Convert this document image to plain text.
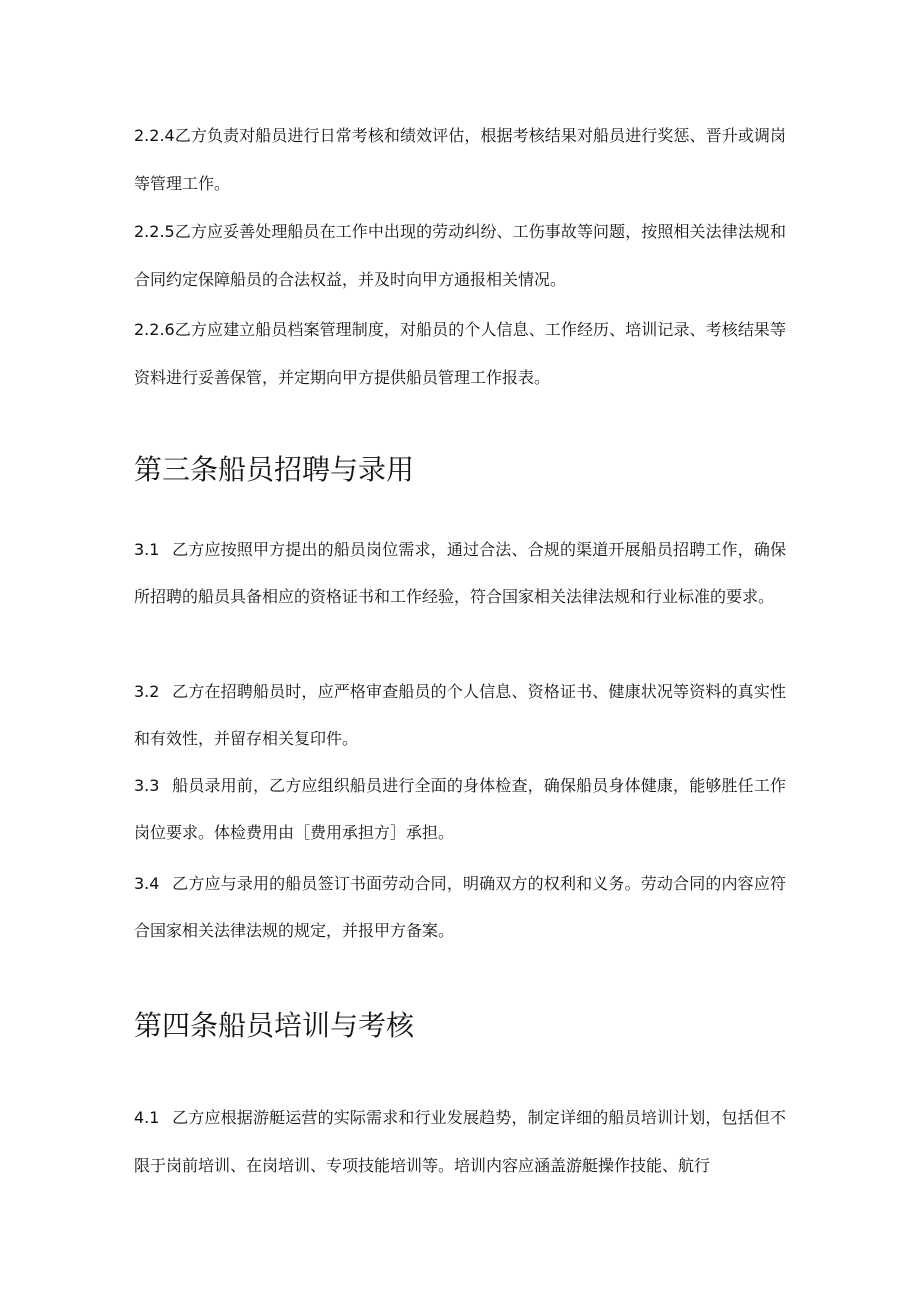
2.2.4乙方负责对船员进行日常考核和绩效评估，根据考核结果对船员进行奖惩、晋升或调岗等管理工作。

2.2.5乙方应妥善处理船员在工作中出现的劳动纠纷、工伤事故等问题，按照相关法律法规和合同约定保障船员的合法权益，并及时向甲方通报相关情况。

2.2.6乙方应建立船员档案管理制度，对船员的个人信息、工作经历、培训记录、考核结果等资料进行妥善保管，并定期向甲方提供船员管理工作报表。

第三条船员招聘与录用

3.1 乙方应按照甲方提出的船员岗位需求，通过合法、合规的渠道开展船员招聘工作，确保所招聘的船员具备相应的资格证书和工作经验，符合国家相关法律法规和行业标准的要求。

3.2 乙方在招聘船员时，应严格审查船员的个人信息、资格证书、健康状况等资料的真实性和有效性，并留存相关复印件。

3.3 船员录用前，乙方应组织船员进行全面的身体检查，确保船员身体健康，能够胜任工作岗位要求。体检费用由［费用承担方］承担。

3.4 乙方应与录用的船员签订书面劳动合同，明确双方的权利和义务。劳动合同的内容应符合国家相关法律法规的规定，并报甲方备案。

第四条船员培训与考核

4.1 乙方应根据游艇运营的实际需求和行业发展趋势，制定详细的船员培训计划，包括但不限于岗前培训、在岗培训、专项技能培训等。培训内容应涵盖游艇操作技能、航行
